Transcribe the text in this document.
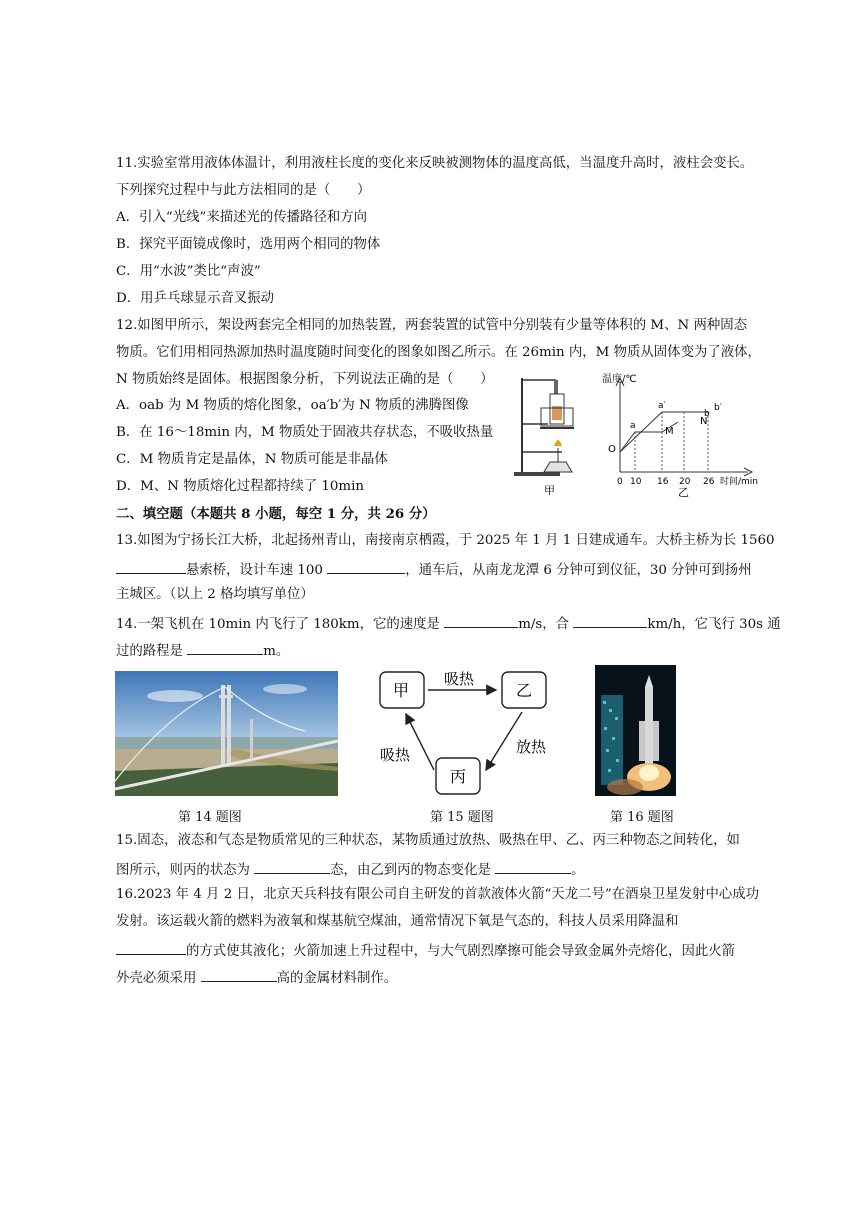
11.实验室常用液体体温计，利用液柱长度的变化来反映被测物体的温度高低，当温度升高时，液柱会变长。
下列探究过程中与此方法相同的是（　　）
A．引入“光线”来描述光的传播路径和方向
B．探究平面镜成像时，选用两个相同的物体
C．用“水波”类比“声波”
D．用乒乓球显示音叉振动
12.如图甲所示，架设两套完全相同的加热装置，两套装置的试管中分别装有少量等体积的 M、N 两种固态
物质。它们用相同热源加热时温度随时间变化的图象如图乙所示。在 26min 内，M 物质从固体变为了液体，
N 物质始终是固体。根据图象分析，下列说法正确的是（　　）
A．oab 为 M 物质的熔化图象，oa′b′为 N 物质的沸腾图像
B．在 16～18min 内，M 物质处于固液共存状态，不吸收热量
C．M 物质肯定是晶体，N 物质可能是非晶体
D．M、N 物质熔化过程都持续了 10min	甲
温度/℃
O
a
a′
b
b′
M
N
0 10 16 20 26 时间/min
乙
二、填空题（本题共 8 小题，每空 1 分，共 26 分）
13.如图为宁扬长江大桥，北起扬州青山，南接南京栖霞，于 2025 年 1 月 1 日建成通车。大桥主桥为长 1560
悬索桥，设计车速 100	，通车后，从南龙龙潭 6 分钟可到仪征，30 分钟可到扬州
主城区。（以上 2 格均填写单位）
14.一架飞机在 10min 内飞行了 180km，它的速度是	m/s，合	km/h，它飞行 30s 通
过的路程是	m。
甲	乙
丙
吸热
放热
吸热
第 14 题图	第 15 题图	第 16 题图
15.固态，液态和气态是物质常见的三种状态，某物质通过放热、吸热在甲、乙、丙三种物态之间转化，如
图所示，则丙的状态为	态，由乙到丙的物态变化是	。
16.2023 年 4 月 2 日，北京天兵科技有限公司自主研发的首款液体火箭“天龙二号”在酒泉卫星发射中心成功
发射。该运载火箭的燃料为液氧和煤基航空煤油，通常情况下氧是气态的，科技人员采用降温和
的方式使其液化；火箭加速上升过程中，与大气剧烈摩擦可能会导致金属外壳熔化，因此火箭
外壳必须采用	高的金属材料制作。
